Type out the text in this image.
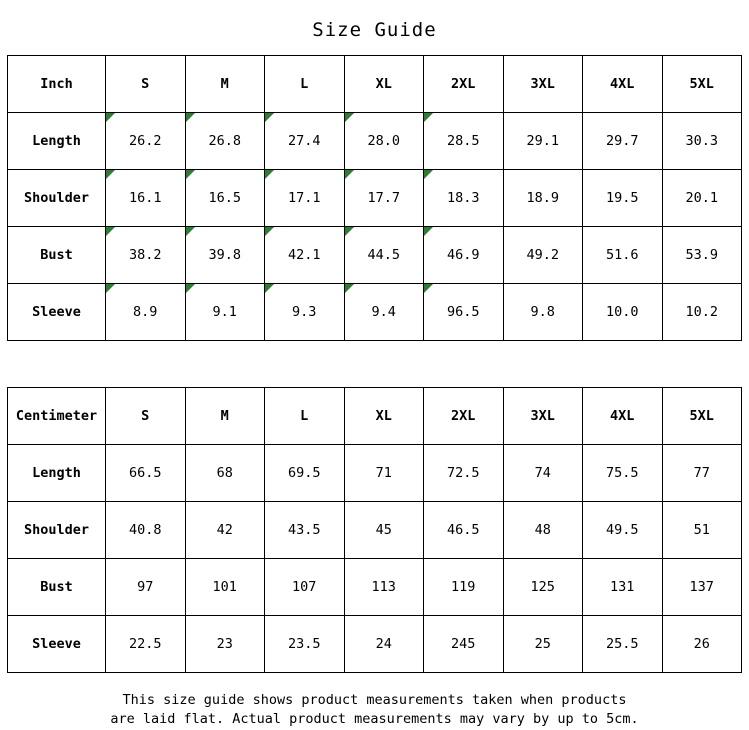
Size Guide
Inch	S	M	L	XL	2XL	3XL	4XL	5XL
Length	26.2	26.8	27.4	28.0	28.5	29.1	29.7	30.3
Shoulder	16.1	16.5	17.1	17.7	18.3	18.9	19.5	20.1
Bust	38.2	39.8	42.1	44.5	46.9	49.2	51.6	53.9
Sleeve	8.9	9.1	9.3	9.4	96.5	9.8	10.0	10.2
Centimeter	S	M	L	XL	2XL	3XL	4XL	5XL
Length	66.5	68	69.5	71	72.5	74	75.5	77
Shoulder	40.8	42	43.5	45	46.5	48	49.5	51
Bust	97	101	107	113	119	125	131	137
Sleeve	22.5	23	23.5	24	245	25	25.5	26
This size guide shows product measurements taken when products
are laid flat. Actual product measurements may vary by up to 5cm.
